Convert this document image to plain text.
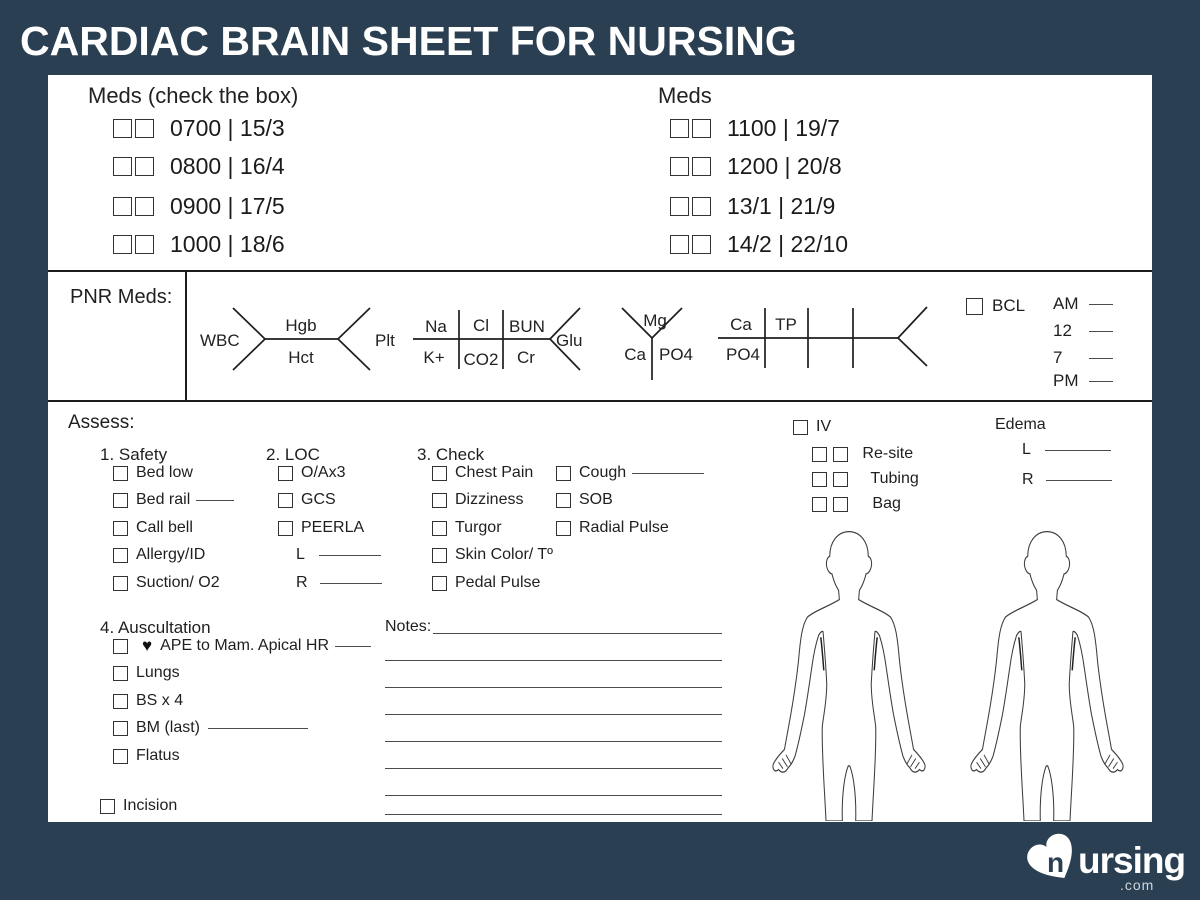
CARDIAC BRAIN SHEET FOR NURSING
Meds (check the box)
0700 | 15/3
0800 | 16/4
0900 | 17/5
1000 | 18/6
Meds
1100 | 19/7
1200 | 20/8
13/1 | 21/9
14/2 | 22/10
PNR Meds:
WBC
Hgb
Hct
Plt
Na Cl BUN
K+ CO2 Cr
Glu
Mg
Ca PO4
Ca TP
PO4
BCL AM
12
7
PM
Assess:
1. Safety
Bed low
Bed rail
Call bell
Allergy/ID
Suction/ O2
2. LOC
O/Ax3
GCS
PEERLA
L
R
3. Check
Chest Pain
Dizziness
Turgor
Skin Color/ Tº
Pedal Pulse
Cough
SOB
Radial Pulse
4. Auscultation
♥ APE to Mam. Apical HR
Lungs
BS x 4
BM (last)
Flatus
Incision
Notes:
IV
Re-site
Tubing
Bag
Edema
L
R
n ursing
.com
